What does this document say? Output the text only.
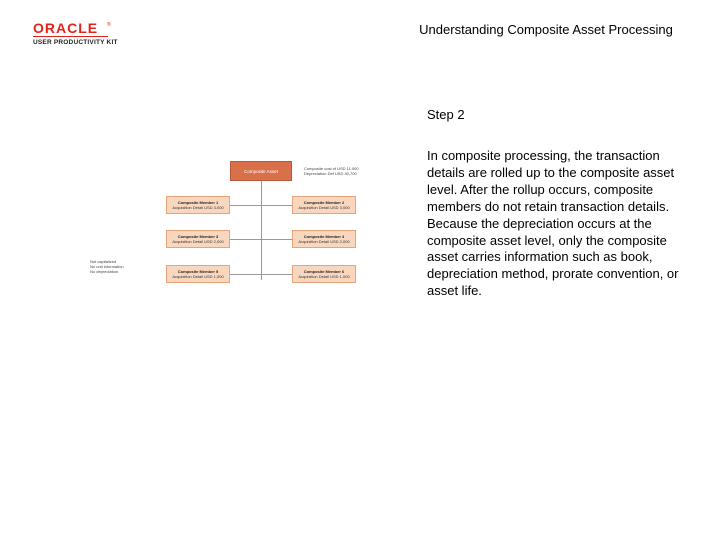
ORACLE ®
USER PRODUCTIVITY KIT
Understanding Composite Asset Processing
Composite Asset	Composite cost of USD 11,000
Depreciation Def USD 40,700
Composite Member 1
Acquisition Detail USD 3,000
Composite Member 2
Acquisition Detail USD 3,000
Composite Member 3
Acquisition Detail USD 2,000
Composite Member 4
Acquisition Detail USD 2,000
Composite Member 5
Acquisition Detail USD 1,000
Composite Member 6
Acquisition Detail USD 1,000
Not capitalized
No unit information
No depreciation
Step 2

In composite processing, the transaction details are rolled up to the composite asset level. After the rollup occurs, composite members do not retain transaction details.

Because the depreciation occurs at the composite asset level, only the composite asset carries information such as book, depreciation method, prorate convention, or asset life.
